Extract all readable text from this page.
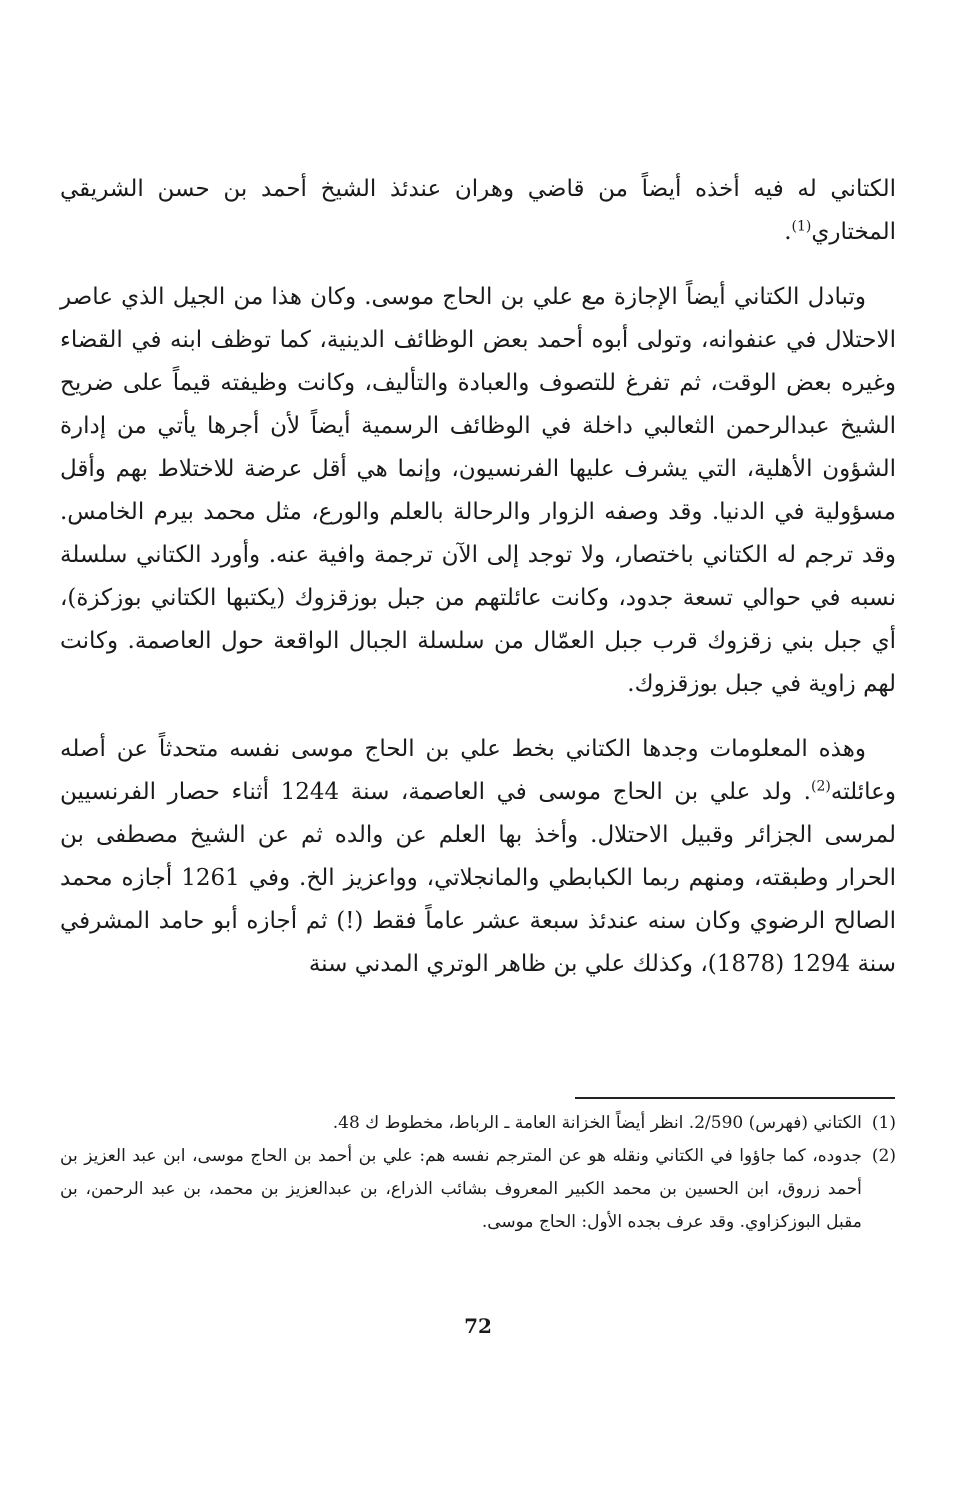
الكتاني له فيه أخذه أيضاً من قاضي وهران عندئذ الشيخ أحمد بن حسن الشريقي المختاري$^{(1)}$.

وتبادل الكتاني أيضاً الإجازة مع علي بن الحاج موسى. وكان هذا من الجيل الذي عاصر الاحتلال في عنفوانه، وتولى أبوه أحمد بعض الوظائف الدينية، كما توظف ابنه في القضاء وغيره بعض الوقت، ثم تفرغ للتصوف والعبادة والتأليف، وكانت وظيفته قيماً على ضريح الشيخ عبدالرحمن الثعالبي داخلة في الوظائف الرسمية أيضاً لأن أجرها يأتي من إدارة الشؤون الأهلية، التي يشرف عليها الفرنسيون، وإنما هي أقل عرضة للاختلاط بهم وأقل مسؤولية في الدنيا. وقد وصفه الزوار والرحالة بالعلم والورع، مثل محمد بيرم الخامس. وقد ترجم له الكتاني باختصار، ولا توجد إلى الآن ترجمة وافية عنه. وأورد الكتاني سلسلة نسبه في حوالي تسعة جدود، وكانت عائلتهم من جبل بوزقزوك (يكتبها الكتاني بوزكزة)، أي جبل بني زقزوك قرب جبل العمّال من سلسلة الجبال الواقعة حول العاصمة. وكانت لهم زاوية في جبل بوزقزوك.

وهذه المعلومات وجدها الكتاني بخط علي بن الحاج موسى نفسه متحدثاً عن أصله وعائلته$^{(2)}$. ولد علي بن الحاج موسى في العاصمة، سنة 1244 أثناء حصار الفرنسيين لمرسى الجزائر وقبيل الاحتلال. وأخذ بها العلم عن والده ثم عن الشيخ مصطفى بن الحرار وطبقته، ومنهم ربما الكبابطي والمانجلاتي، وواعزيز الخ. وفي 1261 أجازه محمد الصالح الرضوي وكان سنه عندئذ سبعة عشر عاماً فقط (!) ثم أجازه أبو حامد المشرفي سنة 1294 (1878)، وكذلك علي بن ظاهر الوتري المدني سنة

(1)
الكتاني (فهرس) 2/590. انظر أيضاً الخزانة العامة ـ الرباط، مخطوط ك 48.
(2)
جدوده، كما جاؤوا في الكتاني ونقله هو عن المترجم نفسه هم: علي بن أحمد بن الحاج موسى، ابن عبد العزيز بن أحمد زروق، ابن الحسين بن محمد الكبير المعروف بشائب الذراع، بن عبدالعزيز بن محمد، بن عبد الرحمن، بن مقبل البوزكزاوي. وقد عرف بجده الأول: الحاج موسى.
72
